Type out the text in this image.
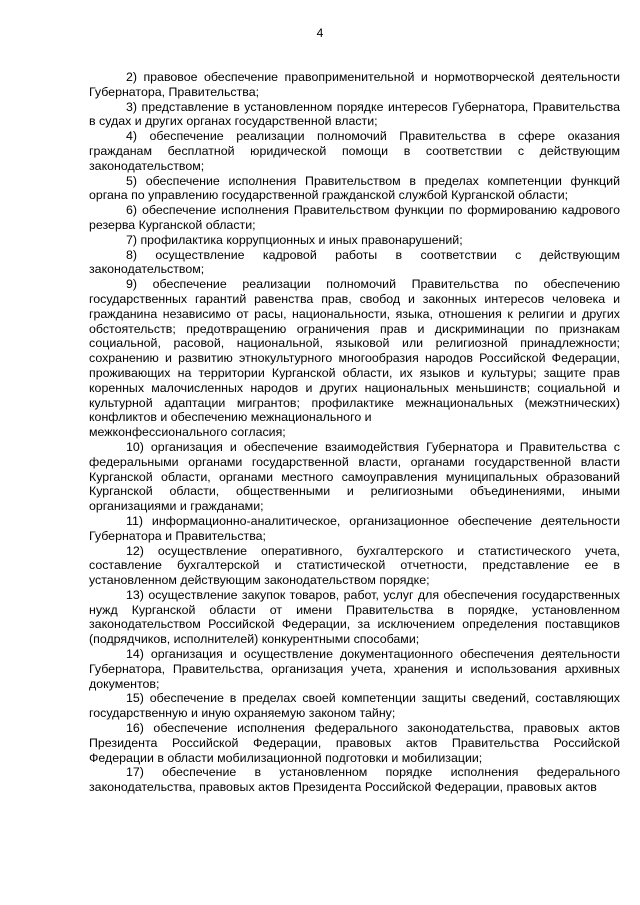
4

2) правовое обеспечение правоприменительной и нормотворческой деятельности Губернатора, Правительства;

3) представление в установленном порядке интересов Губернатора, Правительства в судах и других органах государственной власти;

4) обеспечение реализации полномочий Правительства в сфере оказания гражданам бесплатной юридической помощи в соответствии с действующим законодательством;

5) обеспечение исполнения Правительством в пределах компетенции функций органа по управлению государственной гражданской службой Курганской области;

6) обеспечение исполнения Правительством функции по формированию кадрового резерва Курганской области;

7) профилактика коррупционных и иных правонарушений;

8) осуществление кадровой работы в соответствии с действующим законодательством;

9) обеспечение реализации полномочий Правительства по обеспечению государственных гарантий равенства прав, свобод и законных интересов человека и гражданина независимо от расы, национальности, языка, отношения к религии и других обстоятельств; предотвращению ограничения прав и дискриминации по признакам социальной, расовой, национальной, языковой или религиозной принадлежности; сохранению и развитию этнокультурного многообразия народов Российской Федерации, проживающих на территории Курганской области, их языков и культуры; защите прав коренных малочисленных народов и других национальных меньшинств; социальной и культурной адаптации мигрантов; профилактике межнациональных (межэтнических) конфликтов и обеспечению межнационального и
межконфессионального согласия;

10) организация и обеспечение взаимодействия Губернатора и Правительства с федеральными органами государственной власти, органами государственной власти Курганской области, органами местного самоуправления муниципальных образований Курганской области, общественными и религиозными объединениями, иными организациями и гражданами;

11) информационно-аналитическое, организационное обеспечение деятельности Губернатора и Правительства;

12) осуществление оперативного, бухгалтерского и статистического учета, составление бухгалтерской и статистической отчетности, представление ее в установленном действующим законодательством порядке;

13) осуществление закупок товаров, работ, услуг для обеспечения государственных нужд Курганской области от имени Правительства в порядке, установленном законодательством Российской Федерации, за исключением определения поставщиков (подрядчиков, исполнителей) конкурентными способами;

14) организация и осуществление документационного обеспечения деятельности Губернатора, Правительства, организация учета, хранения и использования архивных документов;

15) обеспечение в пределах своей компетенции защиты сведений, составляющих государственную и иную охраняемую законом тайну;

16) обеспечение исполнения федерального законодательства, правовых актов Президента Российской Федерации, правовых актов Правительства Российской Федерации в области мобилизационной подготовки и мобилизации;

17) обеспечение в установленном порядке исполнения федерального законодательства, правовых актов Президента Российской Федерации, правовых актов
